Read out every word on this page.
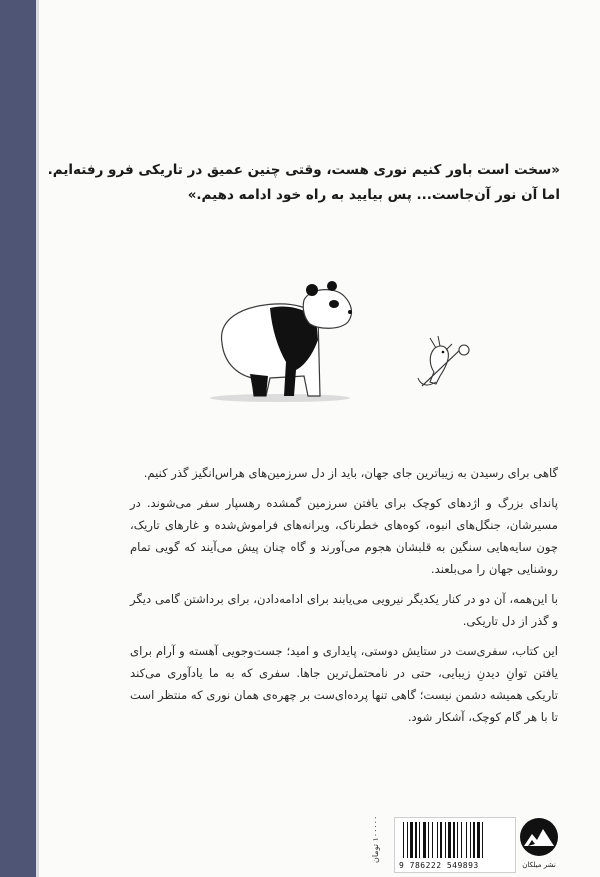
«سخت است باور کنیم نوری هست، وقتی چنین عمیق در تاریکی فرو رفته‌ایم.
اما آن نور آن‌جاست... پس بیایید به راه خود ادامه دهیم.»

گاهی برای رسیدن به زیباترین جای جهان، باید از دل سرزمین‌های هراس‌انگیز گذر کنیم.

پاندای بزرگ و اژدهای کوچک برای یافتن سرزمین گمشده رهسپار سفر می‌شوند. در مسیرشان، جنگل‌های انبوه، کوه‌های خطرناک، ویرانه‌های فراموش‌شده و غارهای تاریک، چون سایه‌هایی سنگین به قلبشان هجوم می‌آورند و گاه چنان پیش می‌آیند که گویی تمام روشنایی جهان را می‌بلعند.

با این‌همه، آن دو در کنار یکدیگر نیرویی می‌یابند برای ادامه‌دادن، برای برداشتن گامی دیگر و گذر از دل تاریکی.

این کتاب، سفری‌ست در ستایش دوستی، پایداری و امید؛ جست‌وجویی آهسته و آرام برای یافتن توانِ دیدنِ زیبایی، حتی در نامحتمل‌ترین جاها. سفری که به ما یادآوری می‌کند تاریکی همیشه دشمن نیست؛ گاهی تنها پرده‌ای‌ست بر چهره‌ی همان نوری که منتظر است تا با هر گام کوچک، آشکار شود.

۱۰۰۰۰۰ تومان
9 786222 549893	نشر میلکان
